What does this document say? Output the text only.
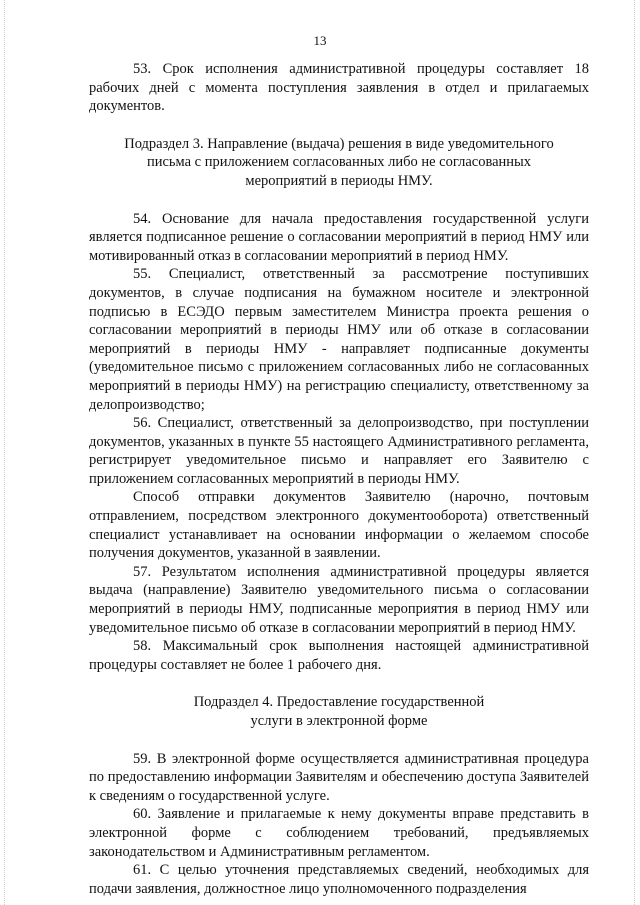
13

53. Срок исполнения административной процедуры составляет 18 рабочих дней с момента поступления заявления в отдел и прилагаемых документов.

Подраздел 3. Направление (выдача) решения в виде уведомительного письма с приложением согласованных либо не согласованных мероприятий в периоды НМУ.

54. Основание для начала предоставления государственной услуги является подписанное решение о согласовании мероприятий в период НМУ или мотивированный отказ в согласовании мероприятий в период НМУ.

55. Специалист, ответственный за рассмотрение поступивших документов, в случае подписания на бумажном носителе и электронной подписью в ЕСЭДО первым заместителем Министра проекта решения о согласовании мероприятий в периоды НМУ или об отказе в согласовании мероприятий в периоды НМУ - направляет подписанные документы (уведомительное письмо с приложением согласованных либо не согласованных мероприятий в периоды НМУ) на регистрацию специалисту, ответственному за делопроизводство;

56. Специалист, ответственный за делопроизводство, при поступлении документов, указанных в пункте 55 настоящего Административного регламента, регистрирует уведомительное письмо и направляет его Заявителю с приложением согласованных мероприятий в периоды НМУ.

Способ отправки документов Заявителю (нарочно, почтовым отправлением, посредством электронного документооборота) ответственный специалист устанавливает на основании информации о желаемом способе получения документов, указанной в заявлении.

57. Результатом исполнения административной процедуры является выдача (направление) Заявителю уведомительного письма о согласовании мероприятий в периоды НМУ, подписанные мероприятия в период НМУ или уведомительное письмо об отказе в согласовании мероприятий в период НМУ.

58. Максимальный срок выполнения настоящей административной процедуры составляет не более 1 рабочего дня.

Подраздел 4. Предоставление государственной услуги в электронной форме

59. В электронной форме осуществляется административная процедура по предоставлению информации Заявителям и обеспечению доступа Заявителей к сведениям о государственной услуге.

60. Заявление и прилагаемые к нему документы вправе представить в электронной форме с соблюдением требований, предъявляемых законодательством и Административным регламентом.

61. С целью уточнения представляемых сведений, необходимых для подачи заявления, должностное лицо уполномоченного подразделения
